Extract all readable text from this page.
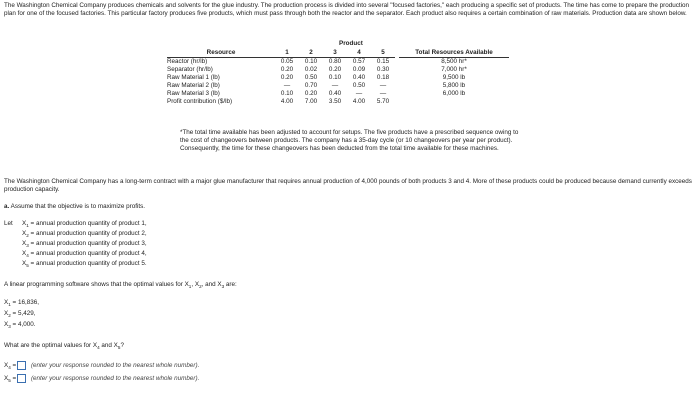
The Washington Chemical Company produces chemicals and solvents for the glue industry. The production process is divided into several "focused factories," each producing a specific set of products. The time has come to prepare the production plan for one of the focused factories. This particular factory produces five products, which must pass through both the reactor and the separator. Each product also requires a certain combination of raw materials. Production data are shown below.
Product
Resource	1	2	3	4	5		Total Resources Available
Reactor (hr/lb)	0.05	0.10	0.80	0.57	0.15		8,500 hr*
Separator (hr/lb)	0.20	0.02	0.20	0.09	0.30		7,000 hr*
Raw Material 1 (lb)	0.20	0.50	0.10	0.40	0.18		9,500 lb
Raw Material 2 (lb)	—	0.70	—	0.50	—		5,800 lb
Raw Material 3 (lb)	0.10	0.20	0.40	—	—		6,000 lb
Profit contribution ($/lb)	4.00	7.00	3.50	4.00	5.70		
*The total time available has been adjusted to account for setups. The five products have a prescribed sequence owing to the cost of changeovers between products. The company has a 35-day cycle (or 10 changeovers per year per product). Consequently, the time for these changeovers has been deducted from the total time available for these machines.
The Washington Chemical Company has a long-term contract with a major glue manufacturer that requires annual production of 4,000 pounds of both products 3 and 4. More of these products could be produced because demand currently exceeds production capacity.
a. Assume that the objective is to maximize profits.
Let $X_1$ = annual production quantity of product 1,
$X_2$ = annual production quantity of product 2,
$X_3$ = annual production quantity of product 3,
$X_4$ = annual production quantity of product 4,
$X_5$ = annual production quantity of product 5.
A linear programming software shows that the optimal values for $X_1$, $X_2$, and $X_3$ are:
$X_1 = 16,836$,
$X_2 = 5,429$,
$X_3 = 4,000$.
What are the optimal values for $X_4$ and $X_5$?
$X_4$ = (enter your response rounded to the nearest whole number).
$X_5$ = (enter your response rounded to the nearest whole number).
